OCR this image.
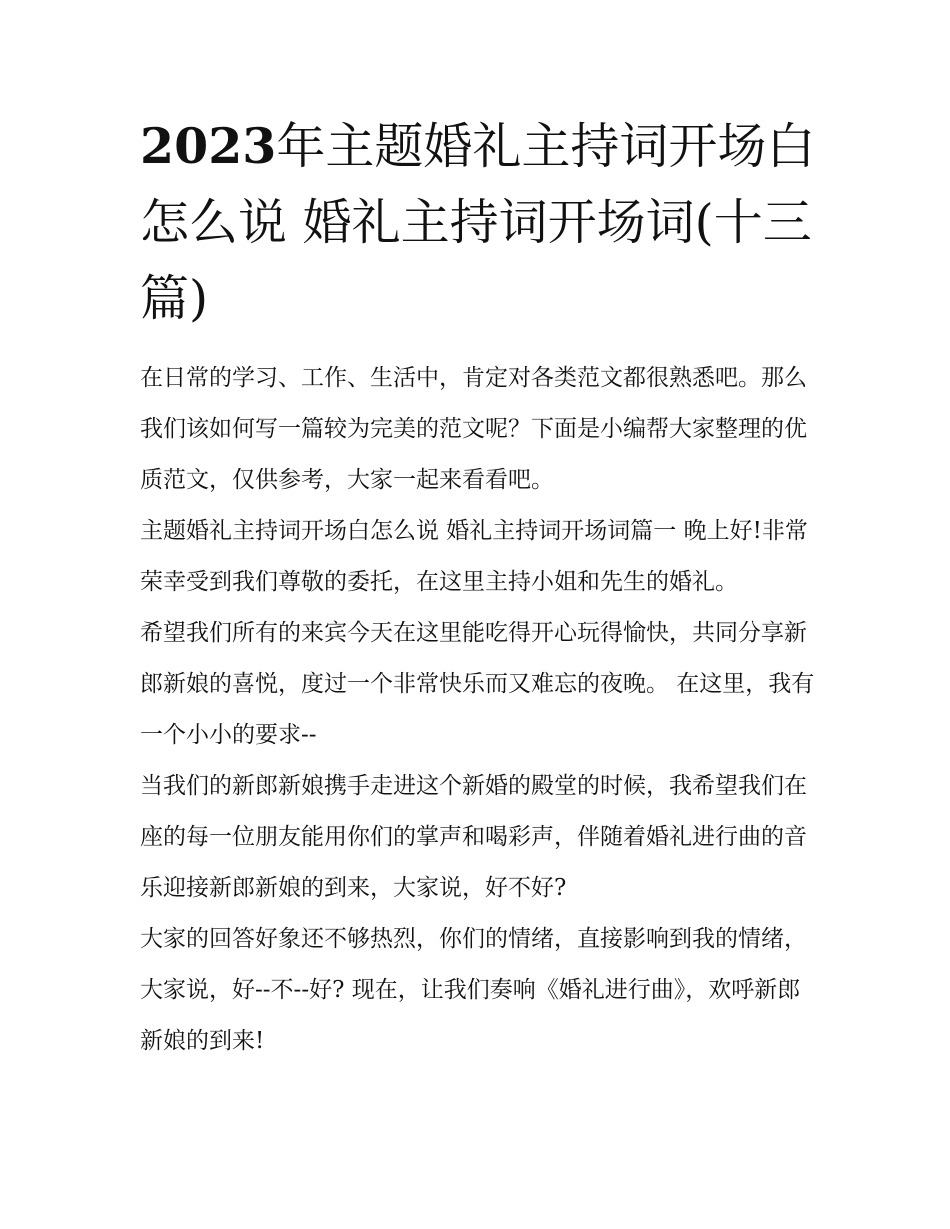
2023年主题婚礼主持词开场白怎么说 婚礼主持词开场词(十三篇)

在日常的学习、工作、生活中，肯定对各类范文都很熟悉吧。那么我们该如何写一篇较为完美的范文呢？下面是小编帮大家整理的优质范文，仅供参考，大家一起来看看吧。

主题婚礼主持词开场白怎么说 婚礼主持词开场词篇一 晚上好!非常荣幸受到我们尊敬的委托，在这里主持小姐和先生的婚礼。

希望我们所有的来宾今天在这里能吃得开心玩得愉快，共同分享新郎新娘的喜悦，度过一个非常快乐而又难忘的夜晚。 在这里，我有一个小小的要求--

当我们的新郎新娘携手走进这个新婚的殿堂的时候，我希望我们在座的每一位朋友能用你们的掌声和喝彩声，伴随着婚礼进行曲的音乐迎接新郎新娘的到来，大家说，好不好?

大家的回答好象还不够热烈，你们的情绪，直接影响到我的情绪，大家说，好--不--好? 现在，让我们奏响《婚礼进行曲》，欢呼新郎新娘的到来!
